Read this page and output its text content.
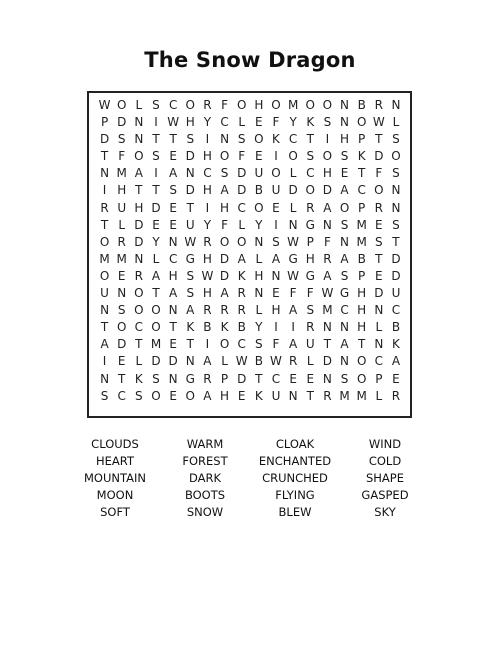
The Snow Dragon
W O L S C O R F O H O M O O N B R N
P D N I W H Y C L E F Y K S N O W L
D S N T T S I N S O K C T I H P T S
T F O S E D H O F E I O S O S K D O
N M A I A N C S D U O L C H E T F S
I H T T S D H A D B U D O D A C O N
R U H D E T I H C O E L R A O P R N
T L D E E U Y F L Y I N G N S M E S
O R D Y N W R O O N S W P F N M S T
M M N L C G H D A L A G H R A B T D
O E R A H S W D K H N W G A S P E D
U N O T A S H A R N E F F W G H D U
N S O O N A R R R L H A S M C H N C
T O C O T K B K B Y I	I R N N H L B
A D T M E T I O C S F A U T A T N K
I E L D D N A L W B W R L D N O C A
N T K S N G R P D T C E E N S O P E
S C S O E O A H E K U N T R M M L R
CLOUDS	WARM	CLOAK	WIND
HEART	FOREST	ENCHANTED	COLD
MOUNTAIN	DARK	CRUNCHED	SHAPE
MOON	BOOTS	FLYING	GASPED
SOFT	SNOW	BLEW	SKY
